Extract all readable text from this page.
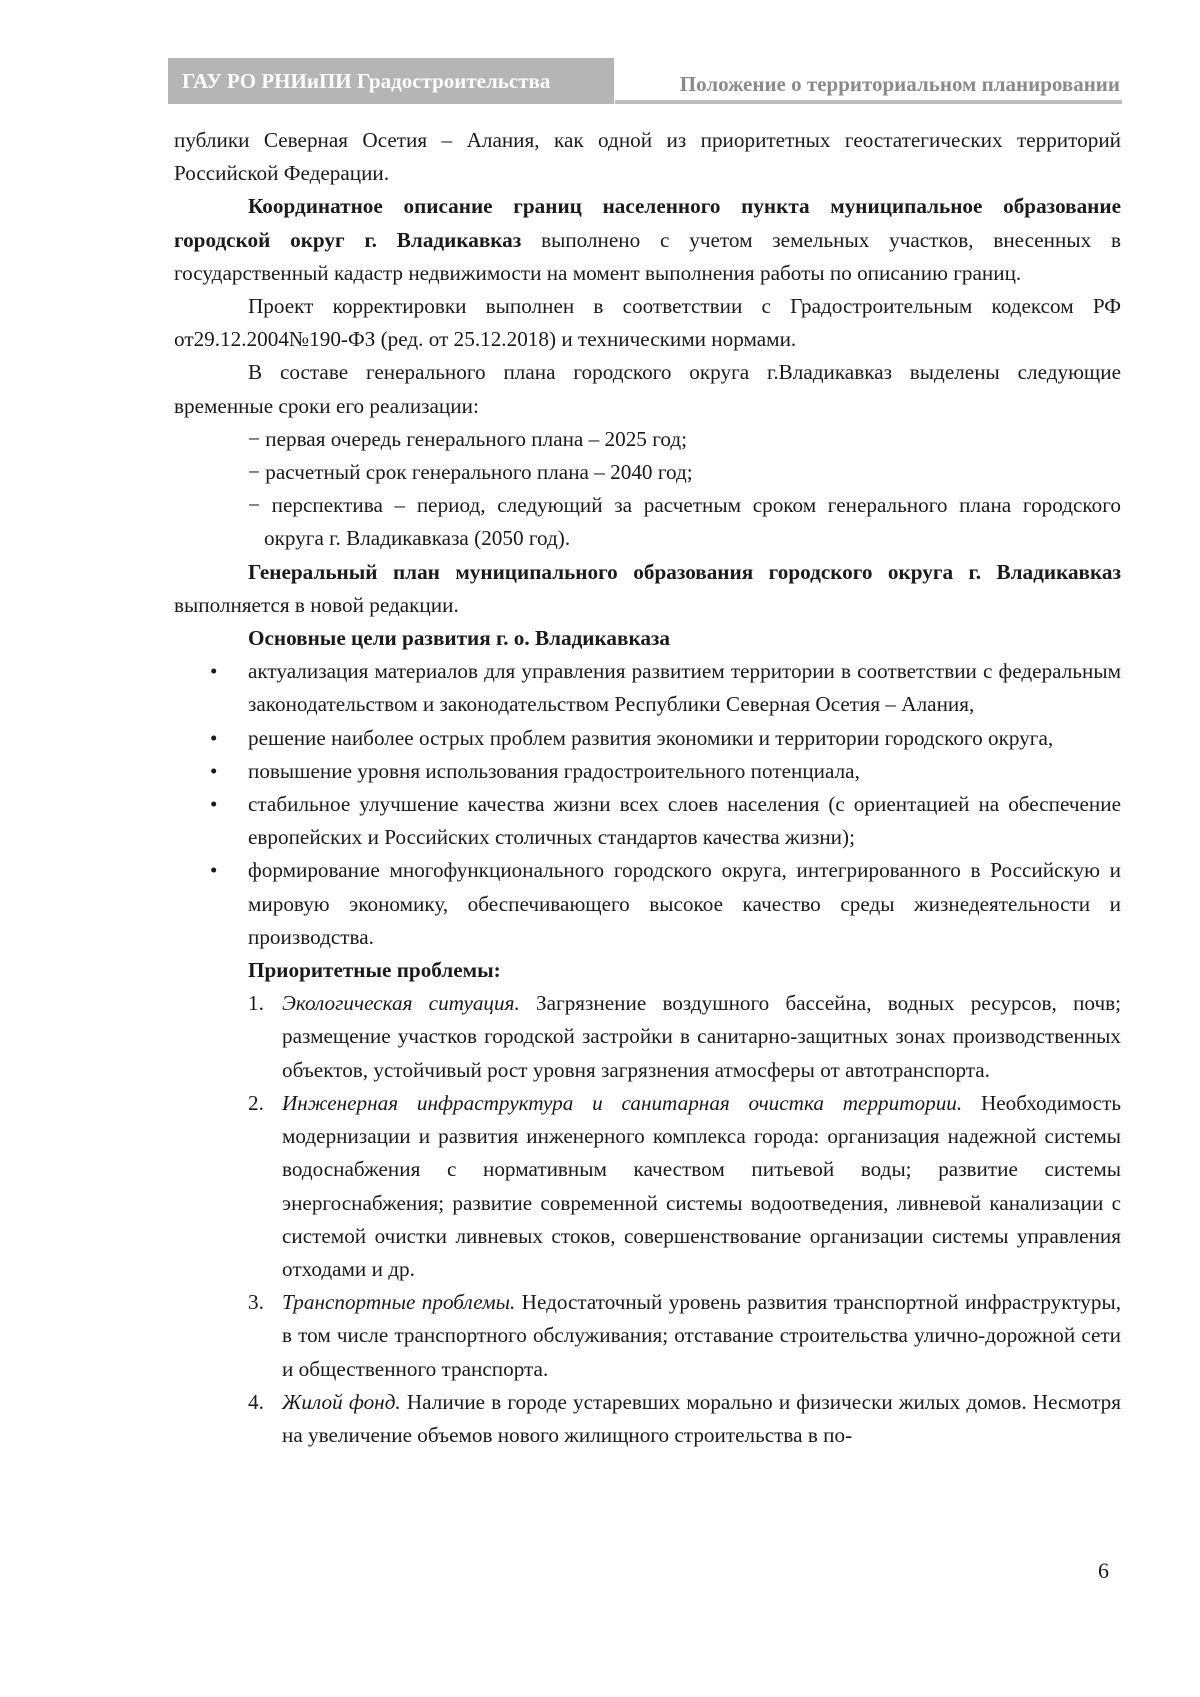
ГАУ РО РНИиПИ Градостроительства	Положение о территориальном планировании

публики Северная Осетия – Алания, как одной из приоритетных геостатегических территорий Российской Федерации.

Координатное описание границ населенного пункта муниципальное образование городской округ г. Владикавказ выполнено с учетом земельных участков, внесенных в государственный кадастр недвижимости на момент выполнения работы по описанию границ.

Проект корректировки выполнен в соответствии с Градостроительным кодексом РФ от29.12.2004№190-ФЗ (ред. от 25.12.2018) и техническими нормами.

В составе генерального плана городского округа г.Владикавказ выделены следующие временные сроки его реализации:

− первая очередь генерального плана – 2025 год;

− расчетный срок генерального плана – 2040 год;

− перспектива – период, следующий за расчетным сроком генерального плана городского округа г. Владикавказа (2050 год).

Генеральный план муниципального образования городского округа г. Владикавказ выполняется в новой редакции.

Основные цели развития г. о. Владикавказа

• актуализация материалов для управления развитием территории в соответствии с федеральным законодательством и законодательством Республики Северная Осетия – Алания,

• решение наиболее острых проблем развития экономики и территории городского округа,

• повышение уровня использования градостроительного потенциала,

• стабильное улучшение качества жизни всех слоев населения (с ориентацией на обеспечение европейских и Российских столичных стандартов качества жизни);

• формирование многофункционального городского округа, интегрированного в Российскую и мировую экономику, обеспечивающего высокое качество среды жизнедеятельности и производства.

Приоритетные проблемы:

1. Экологическая ситуация. Загрязнение воздушного бассейна, водных ресурсов, почв; размещение участков городской застройки в санитарно-защитных зонах производственных объектов, устойчивый рост уровня загрязнения атмосферы от автотранспорта.

2. Инженерная инфраструктура и санитарная очистка территории. Необходимость модернизации и развития инженерного комплекса города: организация надежной системы водоснабжения с нормативным качеством питьевой воды; развитие системы энергоснабжения; развитие современной системы водоотведения, ливневой канализации с системой очистки ливневых стоков, совершенствование организации системы управления отходами и др.

3. Транспортные проблемы. Недостаточный уровень развития транспортной инфраструктуры, в том числе транспортного обслуживания; отставание строительства улично-дорожной сети и общественного транспорта.

4. Жилой фонд. Наличие в городе устаревших морально и физически жилых домов. Несмотря на увеличение объемов нового жилищного строительства в по-

6
